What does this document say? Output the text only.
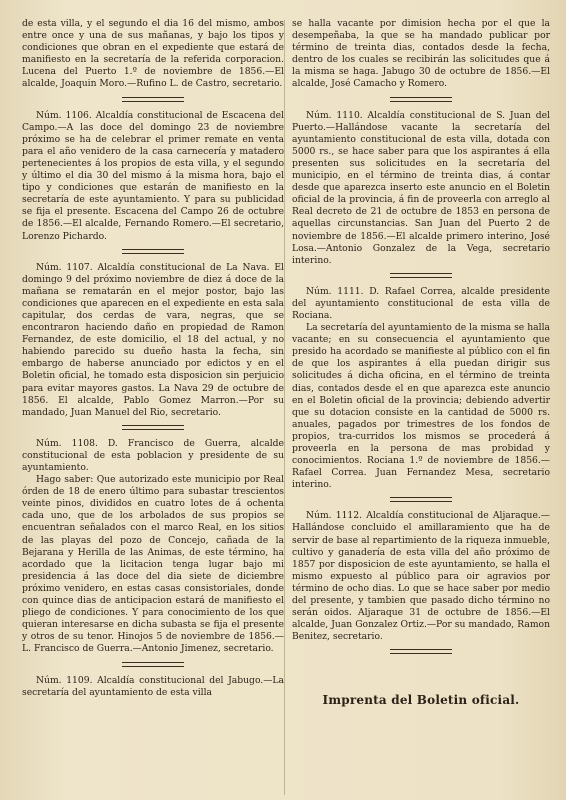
de esta villa, y el segundo el dia 16 del mismo, ambos entre once y una de sus mañanas, y bajo los tipos y condiciones que obran en el expediente que estará de manifiesto en la secretaría de la referida corporacion. Lucena del Puerto 1.º de noviembre de 1856.—El alcalde, Joaquin Moro.—Rufino L. de Castro, secretario.

Núm. 1106. Alcaldía constitucional de Escacena del Campo.—A las doce del domingo 23 de noviembre próximo se ha de celebrar el primer remate en venta para el año venidero de la casa carnecería y matadero pertenecientes á los propios de esta villa, y el segundo y último el dia 30 del mismo á la misma hora, bajo el tipo y condiciones que estarán de manifiesto en la secretaría de este ayuntamiento. Y para su publicidad se fija el presente. Escacena del Campo 26 de octubre de 1856.—El alcalde, Fernando Romero.—El secretario, Lorenzo Pichardo.

Núm. 1107. Alcaldía constitucional de La Nava. El domingo 9 del próximo noviembre de diez á doce de la mañana se rematarán en el mejor postor, bajo las condiciones que aparecen en el expediente en esta sala capitular, dos cerdas de vara, negras, que se encontraron haciendo daño en propiedad de Ramon Fernandez, de este domicilio, el 18 del actual, y no habiendo parecido su dueño hasta la fecha, sin embargo de haberse anunciado por edictos y en el Boletin oficial, he tomado esta disposicion sin perjuicio para evitar mayores gastos. La Nava 29 de octubre de 1856. El alcalde, Pablo Gomez Marron.—Por su mandado, Juan Manuel del Rio, secretario.

Núm. 1108. D. Francisco de Guerra, alcalde constitucional de esta poblacion y presidente de su ayuntamiento.

Hago saber: Que autorizado este municipio por Real órden de 18 de enero último para subastar trescientos veinte pinos, divididos en cuatro lotes de á ochenta cada uno, que de los arbolados de sus propios se encuentran señalados con el marco Real, en los sitios de las playas del pozo de Concejo, cañada de la Bejarana y Herilla de las Animas, de este término, ha acordado que la licitacion tenga lugar bajo mi presidencia á las doce del dia siete de diciembre próximo venidero, en estas casas consistoriales, donde con quince dias de anticipacion estará de manifiesto el pliego de condiciones. Y para conocimiento de los que quieran interesarse en dicha subasta se fija el presente y otros de su tenor. Hinojos 5 de noviembre de 1856.—L. Francisco de Guerra.—Antonio Jimenez, secretario.

Núm. 1109. Alcaldía constitucional del Jabugo.—La secretaría del ayuntamiento de esta villa

se halla vacante por dimision hecha por el que la desempeñaba, la que se ha mandado publicar por término de treinta dias, contados desde la fecha, dentro de los cuales se recibirán las solicitudes que á la misma se haga. Jabugo 30 de octubre de 1856.—El alcalde, José Camacho y Romero.

Núm. 1110. Alcaldía constitucional de S. Juan del Puerto.—Hallándose vacante la secretaría del ayuntamiento constitucional de esta villa, dotada con 5000 rs., se hace saber para que los aspirantes á ella presenten sus solicitudes en la secretaría del municipio, en el término de treinta dias, á contar desde que aparezca inserto este anuncio en el Boletin oficial de la provincia, á fin de proveerla con arreglo al Real decreto de 21 de octubre de 1853 en persona de aquellas circunstancias. San Juan del Puerto 2 de noviembre de 1856.—El alcalde primero interino, José Losa.—Antonio Gonzalez de la Vega, secretario interino.

Núm. 1111. D. Rafael Correa, alcalde presidente del ayuntamiento constitucional de esta villa de Rociana.

La secretaría del ayuntamiento de la misma se halla vacante; en su consecuencia el ayuntamiento que presido ha acordado se manifieste al público con el fin de que los aspirantes á ella puedan dirigir sus solicitudes á dicha oficina, en el término de treinta dias, contados desde el en que aparezca este anuncio en el Boletin oficial de la provincia; debiendo advertir que su dotacion consiste en la cantidad de 5000 rs. anuales, pagados por trimestres de los fondos de propios, tra-curridos los mismos se procederá á proveerla en la persona de mas probidad y conocimientos. Rociana 1.º de noviembre de 1856.—Rafael Correa. Juan Fernandez Mesa, secretario interino.

Núm. 1112. Alcaldía constitucional de Aljaraque.—Hallándose concluido el amillaramiento que ha de servir de base al repartimiento de la riqueza inmueble, cultivo y ganadería de esta villa del año próximo de 1857 por disposicion de este ayuntamiento, se halla el mismo expuesto al público para oir agravios por término de ocho dias. Lo que se hace saber por medio del presente, y tambien que pasado dicho término no serán oidos. Aljaraque 31 de octubre de 1856.—El alcalde, Juan Gonzalez Ortiz.—Por su mandado, Ramon Benitez, secretario.

Imprenta del Boletin oficial.
